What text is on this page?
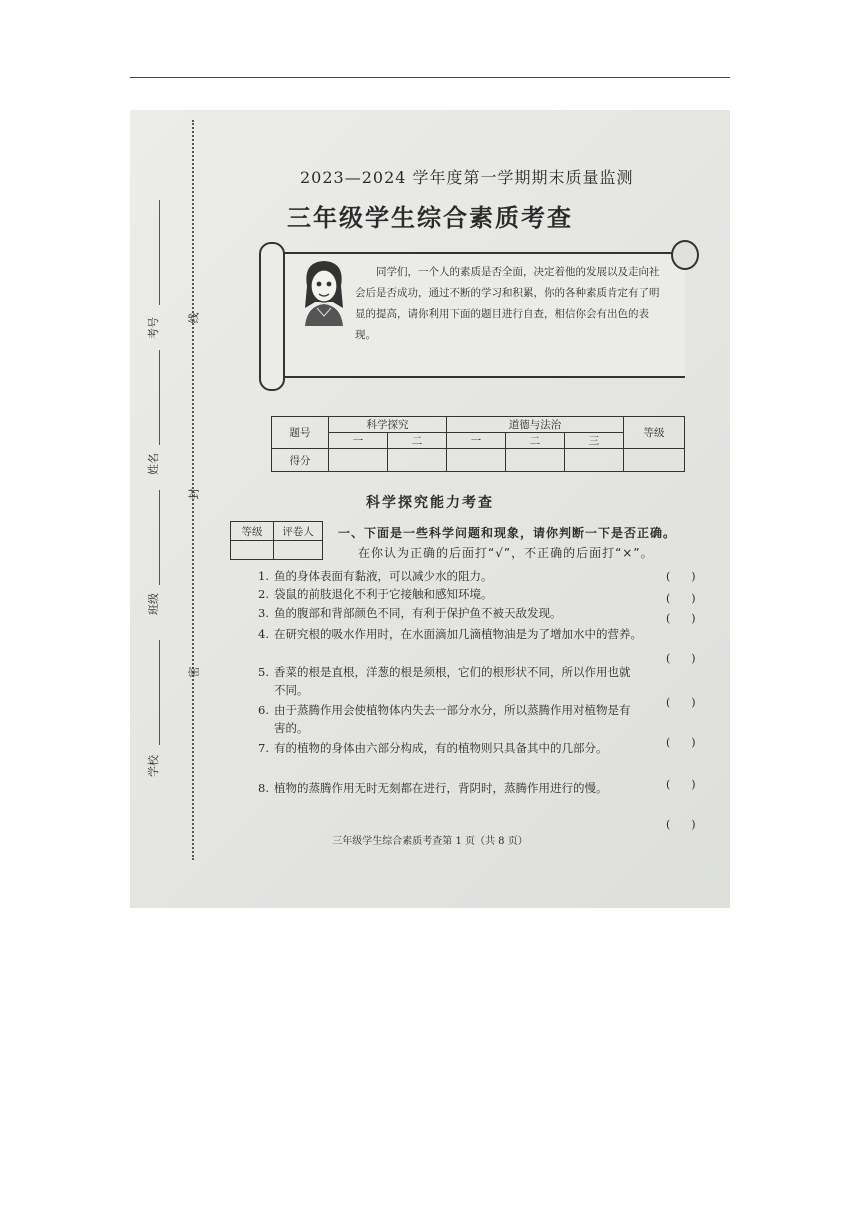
线
封
密
考号
姓名
班级
学校
2023—2024 学年度第一学期期末质量监测
三年级学生综合素质考查
同学们，一个人的素质是否全面，决定着他的发展以及走向社会后是否成功，通过不断的学习和积累，你的各种素质肯定有了明显的提高，请你利用下面的题目进行自查，相信你会有出色的表现。
题号	科学探究		道德与法治			等级
	一	二	一	二	三	
得分						
科学探究能力考查
等级	评卷人
	一、下面是一些科学问题和现象，请你判断一下是否正确。
在你认为正确的后面打“√”，不正确的后面打“×”。
1. 鱼的身体表面有黏液，可以减少水的阻力。	(      )
2. 袋鼠的前肢退化不利于它接触和感知环境。	(      )
3. 鱼的腹部和背部颜色不同，有利于保护鱼不被天敌发现。	(      )
4. 在研究根的吸水作用时，在水面滴加几滴植物油是为了增加水中的营养。
(      )
5. 香菜的根是直根，洋葱的根是须根，它们的根形状不同，所以作用也就
不同。
(      )
6. 由于蒸腾作用会使植物体内失去一部分水分，所以蒸腾作用对植物是有
害的。
(      )
7. 有的植物的身体由六部分构成，有的植物则只具备其中的几部分。
(      )
8. 植物的蒸腾作用无时无刻都在进行，背阴时，蒸腾作用进行的慢。
(      )
三年级学生综合素质考查第 1 页（共 8 页）
